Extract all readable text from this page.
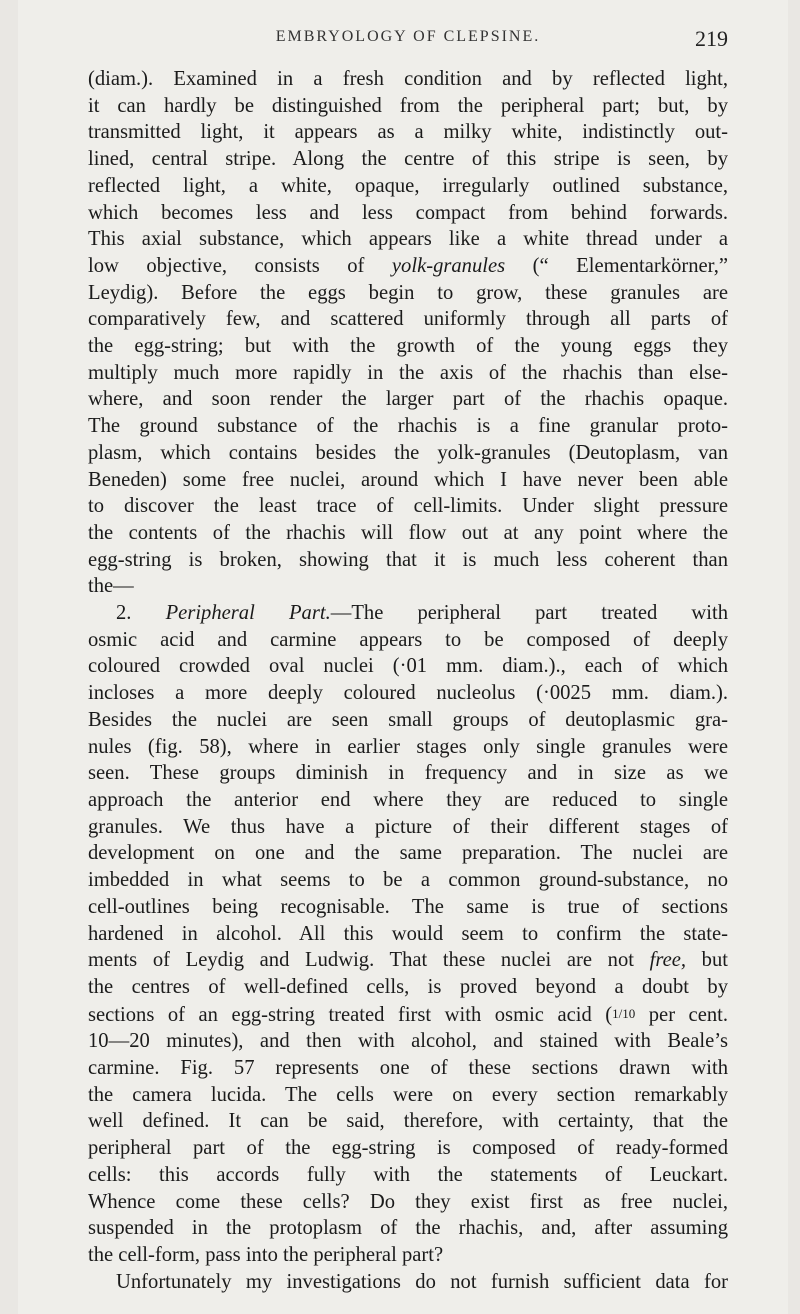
EMBRYOLOGY OF CLEPSINE.	219

(diam.). Examined in a fresh condition and by reflected light,

it can hardly be distinguished from the peripheral part; but, by

transmitted light, it appears as a milky white, indistinctly out-

lined, central stripe. Along the centre of this stripe is seen, by

reflected light, a white, opaque, irregularly outlined substance,

which becomes less and less compact from behind forwards.

This axial substance, which appears like a white thread under a

low objective, consists of yolk-granules (“ Elementarkörner,”

Leydig). Before the eggs begin to grow, these granules are

comparatively few, and scattered uniformly through all parts of

the egg-string; but with the growth of the young eggs they

multiply much more rapidly in the axis of the rhachis than else-

where, and soon render the larger part of the rhachis opaque.

The ground substance of the rhachis is a fine granular proto-

plasm, which contains besides the yolk-granules (Deutoplasm, van

Beneden) some free nuclei, around which I have never been able

to discover the least trace of cell-limits. Under slight pressure

the contents of the rhachis will flow out at any point where the

egg-string is broken, showing that it is much less coherent than

the—

2. Peripheral Part.—The peripheral part treated with

osmic acid and carmine appears to be composed of deeply

coloured crowded oval nuclei (·01 mm. diam.)., each of which

incloses a more deeply coloured nucleolus (·0025 mm. diam.).

Besides the nuclei are seen small groups of deutoplasmic gra-

nules (fig. 58), where in earlier stages only single granules were

seen. These groups diminish in frequency and in size as we

approach the anterior end where they are reduced to single

granules. We thus have a picture of their different stages of

development on one and the same preparation. The nuclei are

imbedded in what seems to be a common ground-substance, no

cell-outlines being recognisable. The same is true of sections

hardened in alcohol. All this would seem to confirm the state-

ments of Leydig and Ludwig. That these nuclei are not free, but

the centres of well-defined cells, is proved beyond a doubt by

sections of an egg-string treated first with osmic acid (1/10 per cent.

10—20 minutes), and then with alcohol, and stained with Beale’s

carmine. Fig. 57 represents one of these sections drawn with

the camera lucida. The cells were on every section remarkably

well defined. It can be said, therefore, with certainty, that the

peripheral part of the egg-string is composed of ready-formed

cells: this accords fully with the statements of Leuckart.

Whence come these cells? Do they exist first as free nuclei,

suspended in the protoplasm of the rhachis, and, after assuming

the cell-form, pass into the peripheral part?

Unfortunately my investigations do not furnish sufficient data for
